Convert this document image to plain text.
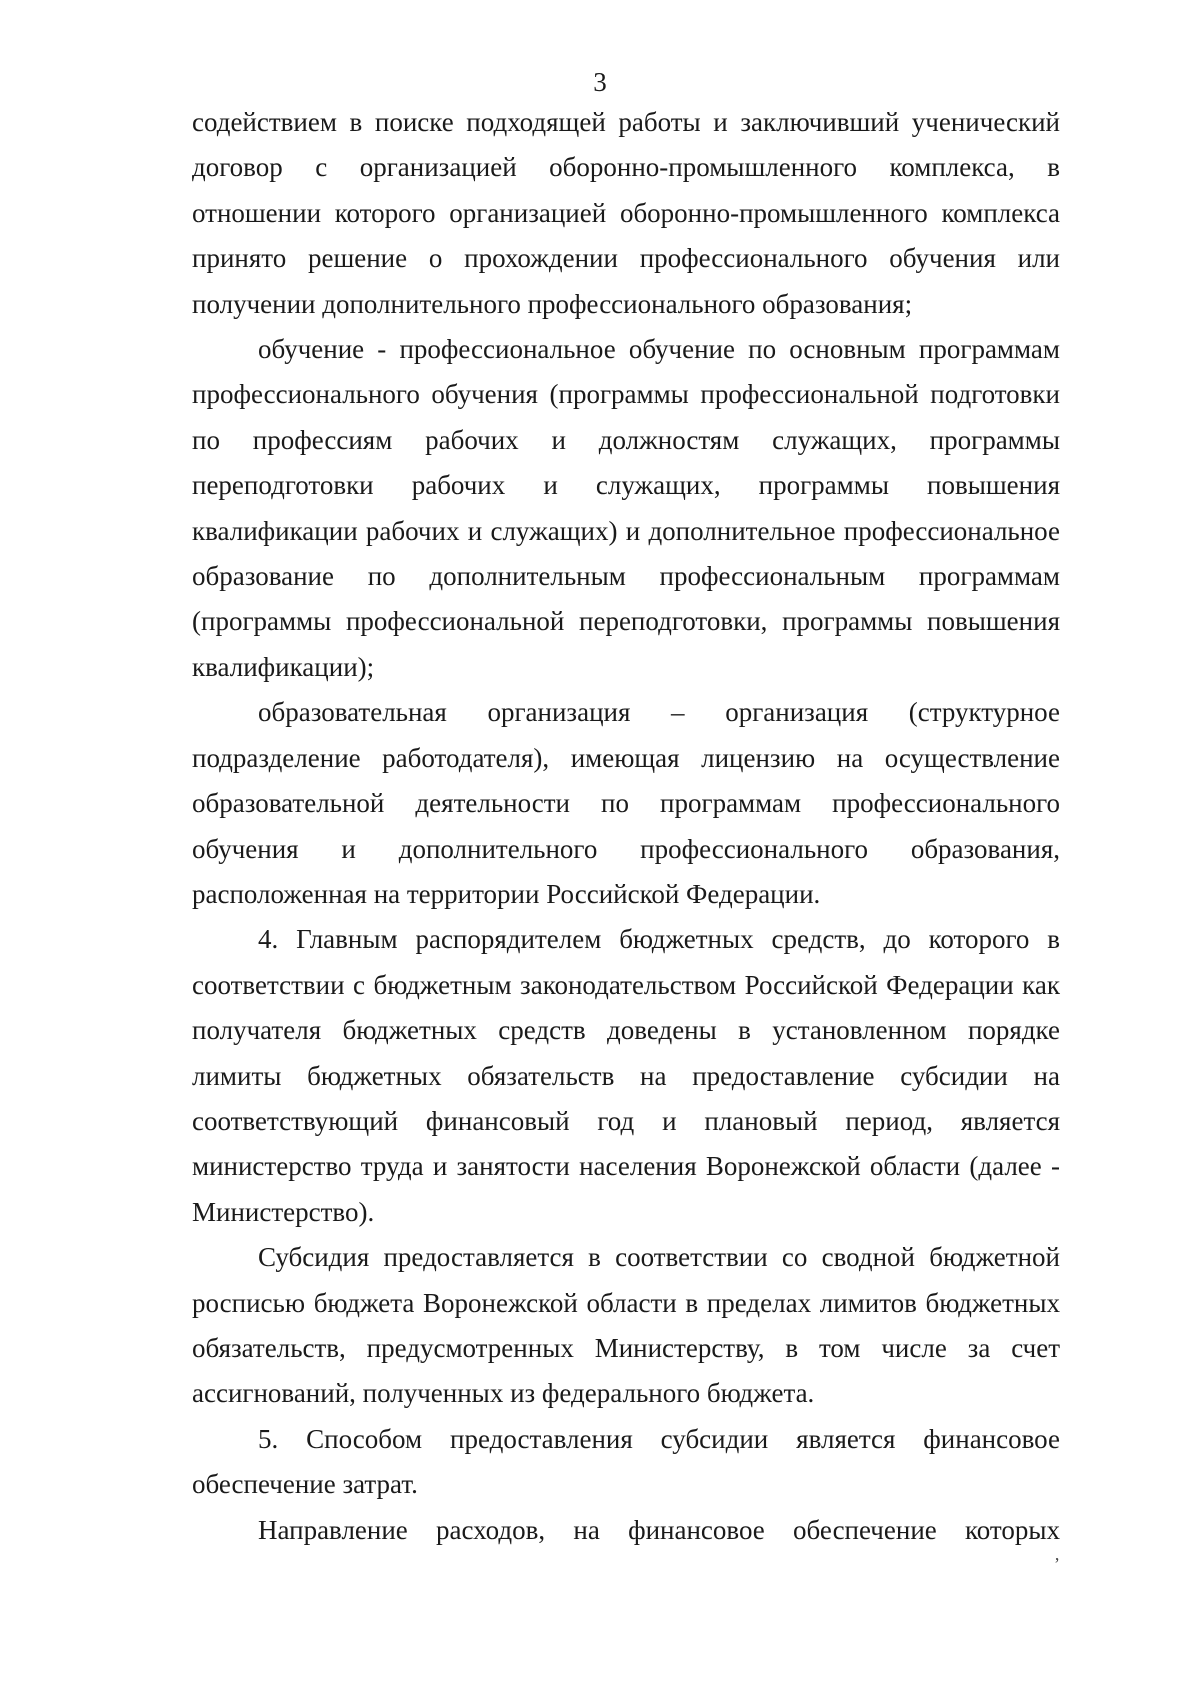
3

содействием в поиске подходящей работы и заключивший ученический договор с организацией оборонно-промышленного комплекса, в отношении которого организацией оборонно-промышленного комплекса принято решение о прохождении профессионального обучения или получении дополнительного профессионального образования;

обучение - профессиональное обучение по основным программам профессионального обучения (программы профессиональной подготовки по профессиям рабочих и должностям служащих, программы переподготовки рабочих и служащих, программы повышения квалификации рабочих и служащих) и дополнительное профессиональное образование по дополнительным профессиональным программам (программы профессиональной переподготовки, программы повышения квалификации);

образовательная организация – организация (структурное подразделение работодателя), имеющая лицензию на осуществление образовательной деятельности по программам профессионального обучения и дополнительного профессионального образования, расположенная на территории Российской Федерации.

4. Главным распорядителем бюджетных средств, до которого в соответствии с бюджетным законодательством Российской Федерации как получателя бюджетных средств доведены в установленном порядке лимиты бюджетных обязательств на предоставление субсидии на соответствующий финансовый год и плановый период, является министерство труда и занятости населения Воронежской области (далее - Министерство).

Субсидия предоставляется в соответствии со сводной бюджетной росписью бюджета Воронежской области в пределах лимитов бюджетных обязательств, предусмотренных Министерству, в том числе за счет ассигнований, полученных из федерального бюджета.

5. Способом предоставления субсидии является финансовое обеспечение затрат.

Направление расходов, на финансовое обеспечение которых

‚
